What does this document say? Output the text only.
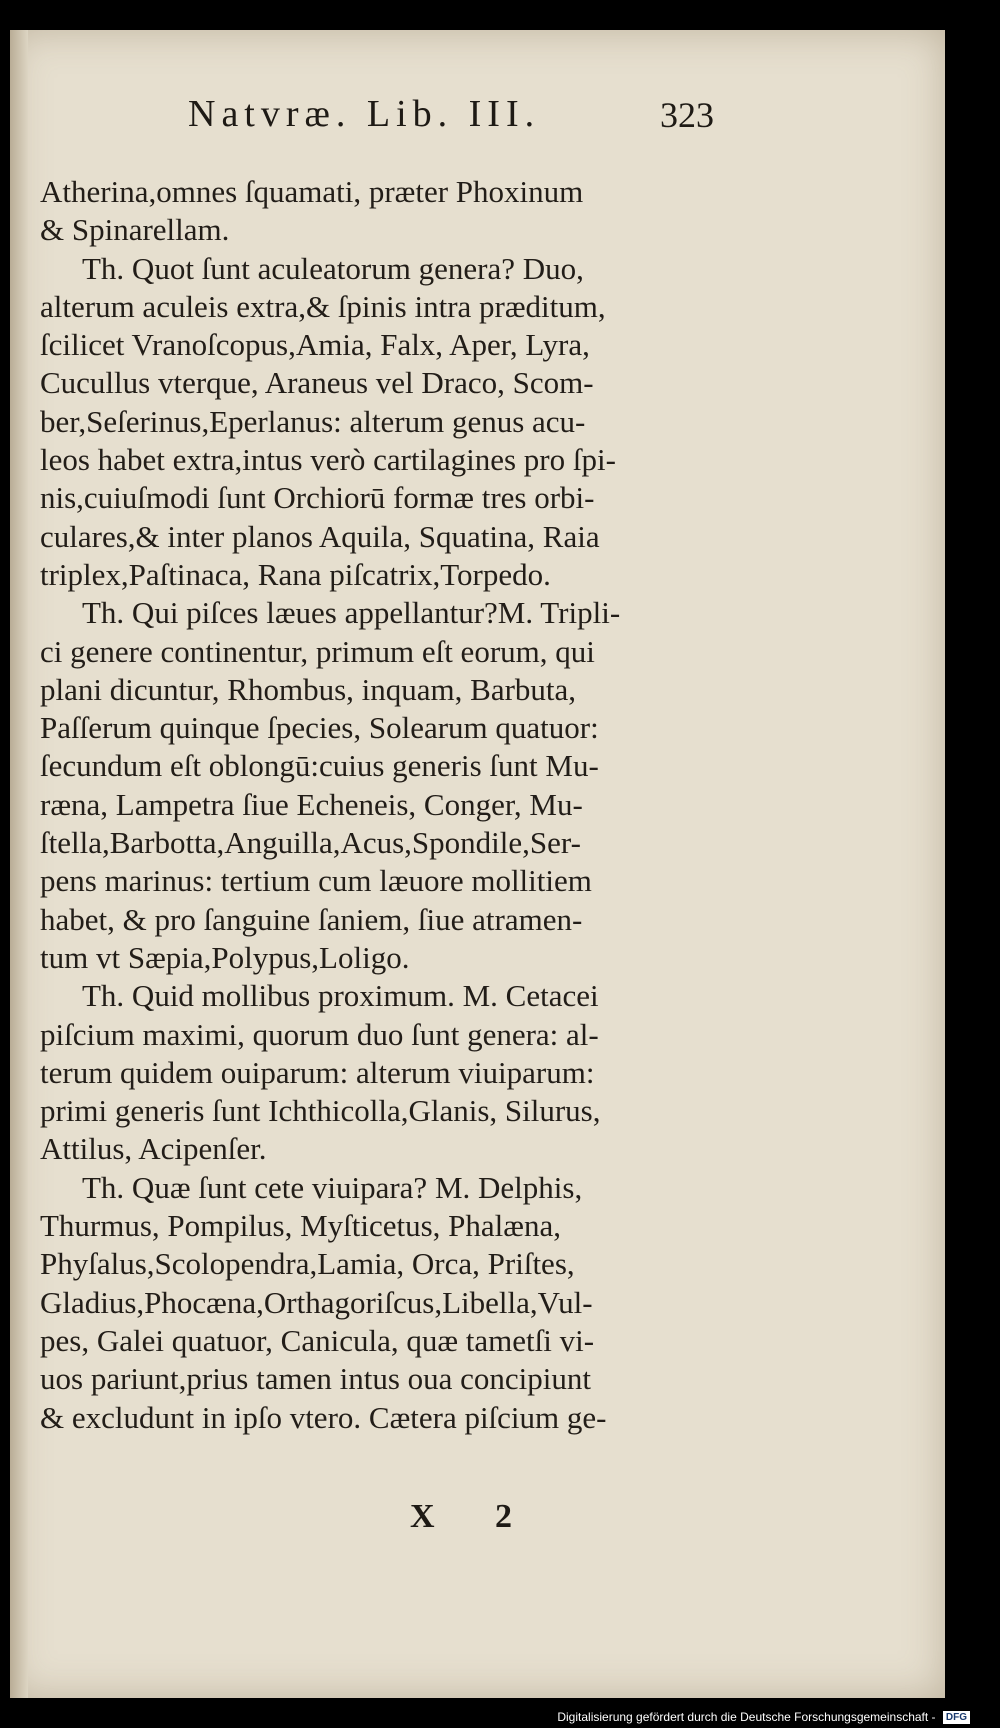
Natvræ. Lib. III.	323
Atherina,omnes ſquamati, præter Phoxinum
& Spinarellam.
Th. Quot ſunt aculeatorum genera? Duo,
alterum aculeis extra,& ſpinis intra præditum,
ſcilicet Vranoſcopus,Amia, Falx, Aper, Lyra,
Cucullus vterque, Araneus vel Draco, Scom-
ber,Seſerinus,Eperlanus: alterum genus acu-
leos habet extra,intus verò cartilagines pro ſpi-
nis,cuiuſmodi ſunt Orchiorū formæ tres orbi-
culares,& inter planos Aquila, Squatina, Raia
triplex,Paſtinaca, Rana piſcatrix,Torpedo.
Th. Qui piſces læues appellantur?M. Tripli-
ci genere continentur, primum eſt eorum, qui
plani dicuntur, Rhombus, inquam, Barbuta,
Paſſerum quinque ſpecies, Solearum quatuor:
ſecundum eſt oblongū:cuius generis ſunt Mu-
ræna, Lampetra ſiue Echeneis, Conger, Mu-
ſtella,Barbotta,Anguilla,Acus,Spondile,Ser-
pens marinus: tertium cum læuore mollitiem
habet, & pro ſanguine ſaniem, ſiue atramen-
tum vt Sæpia,Polypus,Loligo.
Th. Quid mollibus proximum. M. Cetacei
piſcium maximi, quorum duo ſunt genera: al-
terum quidem ouiparum: alterum viuiparum:
primi generis ſunt Ichthicolla,Glanis, Silurus,
Attilus, Acipenſer.
Th. Quæ ſunt cete viuipara? M. Delphis,
Thurmus, Pompilus, Myſticetus, Phalæna,
Phyſalus,Scolopendra,Lamia, Orca, Priſtes,
Gladius,Phocæna,Orthagoriſcus,Libella,Vul-
pes, Galei quatuor, Canicula, quæ tametſi vi-
uos pariunt,prius tamen intus oua concipiunt
& excludunt in ipſo vtero. Cætera piſcium ge-
X 2
Digitalisierung gefördert durch die Deutsche Forschungsgemeinschaft - DFG
